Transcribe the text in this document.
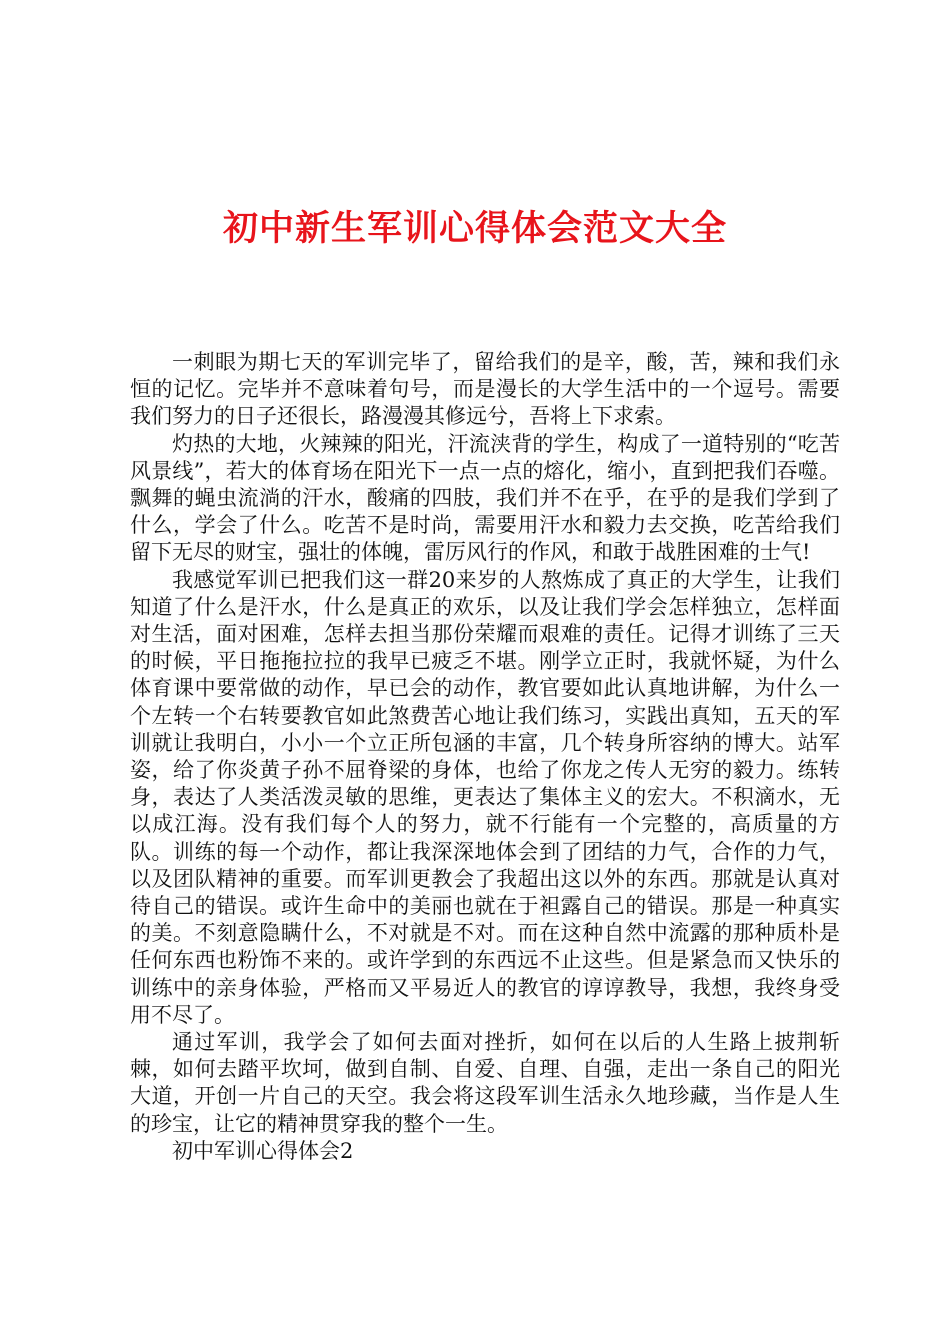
初中新生军训心得体会范文大全

一刺眼为期七天的军训完毕了，留给我们的是辛，酸，苦，辣和我们永恒的记忆。完毕并不意味着句号，而是漫长的大学生活中的一个逗号。需要我们努力的日子还很长，路漫漫其修远兮，吾将上下求索。

灼热的大地，火辣辣的阳光，汗流浃背的学生，构成了一道特别的“吃苦风景线”，若大的体育场在阳光下一点一点的熔化，缩小，直到把我们吞噬。飘舞的蝇虫流淌的汗水，酸痛的四肢，我们并不在乎，在乎的是我们学到了什么，学会了什么。吃苦不是时尚，需要用汗水和毅力去交换，吃苦给我们留下无尽的财宝，强壮的体魄，雷厉风行的作风，和敢于战胜困难的士气!

我感觉军训已把我们这一群20来岁的人熬炼成了真正的大学生，让我们知道了什么是汗水，什么是真正的欢乐，以及让我们学会怎样独立，怎样面对生活，面对困难，怎样去担当那份荣耀而艰难的责任。记得才训练了三天的时候，平日拖拖拉拉的我早已疲乏不堪。刚学立正时，我就怀疑，为什么体育课中要常做的动作，早已会的动作，教官要如此认真地讲解，为什么一个左转一个右转要教官如此煞费苦心地让我们练习，实践出真知，五天的军训就让我明白，小小一个立正所包涵的丰富，几个转身所容纳的博大。站军姿，给了你炎黄子孙不屈脊梁的身体，也给了你龙之传人无穷的毅力。练转身，表达了人类活泼灵敏的思维，更表达了集体主义的宏大。不积滴水，无以成江海。没有我们每个人的努力，就不行能有一个完整的，高质量的方队。训练的每一个动作，都让我深深地体会到了团结的力气，合作的力气，以及团队精神的重要。而军训更教会了我超出这以外的东西。那就是认真对待自己的错误。或许生命中的美丽也就在于袒露自己的错误。那是一种真实的美。不刻意隐瞒什么，不对就是不对。而在这种自然中流露的那种质朴是任何东西也粉饰不来的。或许学到的东西远不止这些。但是紧急而又快乐的训练中的亲身体验，严格而又平易近人的教官的谆谆教导，我想，我终身受用不尽了。

通过军训，我学会了如何去面对挫折，如何在以后的人生路上披荆斩棘，如何去踏平坎坷，做到自制、自爱、自理、自强，走出一条自己的阳光大道，开创一片自己的天空。我会将这段军训生活永久地珍藏，当作是人生的珍宝，让它的精神贯穿我的整个一生。

初中军训心得体会2
